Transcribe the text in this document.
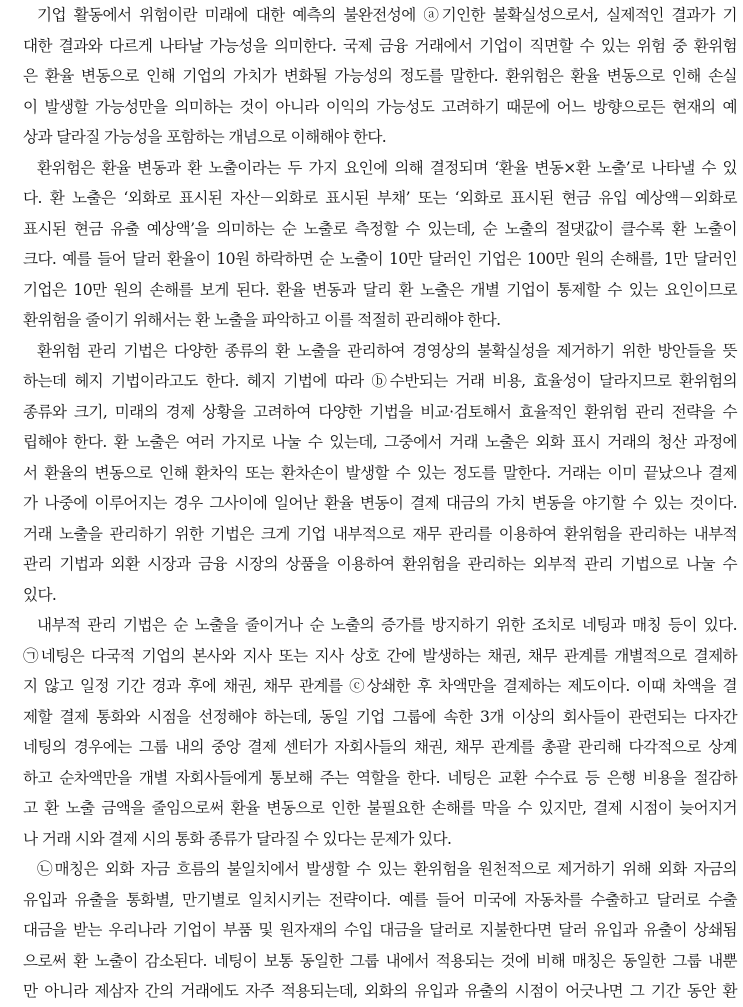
기업 활동에서 위험이란 미래에 대한 예측의 불완전성에 ⓐ기인한 불확실성으로서, 실제적인 결과가 기
대한 결과와 다르게 나타날 가능성을 의미한다. 국제 금융 거래에서 기업이 직면할 수 있는 위험 중 환위험
은 환율 변동으로 인해 기업의 가치가 변화될 가능성의 정도를 말한다. 환위험은 환율 변동으로 인해 손실
이 발생할 가능성만을 의미하는 것이 아니라 이익의 가능성도 고려하기 때문에 어느 방향으로든 현재의 예
상과 달라질 가능성을 포함하는 개념으로 이해해야 한다.
환위험은 환율 변동과 환 노출이라는 두 가지 요인에 의해 결정되며 ‘환율 변동×환 노출’로 나타낼 수 있
다. 환 노출은 ‘외화로 표시된 자산－외화로 표시된 부채’ 또는 ‘외화로 표시된 현금 유입 예상액－외화로
표시된 현금 유출 예상액’을 의미하는 순 노출로 측정할 수 있는데, 순 노출의 절댓값이 클수록 환 노출이
크다. 예를 들어 달러 환율이 10원 하락하면 순 노출이 10만 달러인 기업은 100만 원의 손해를, 1만 달러인
기업은 10만 원의 손해를 보게 된다. 환율 변동과 달리 환 노출은 개별 기업이 통제할 수 있는 요인이므로
환위험을 줄이기 위해서는 환 노출을 파악하고 이를 적절히 관리해야 한다.
환위험 관리 기법은 다양한 종류의 환 노출을 관리하여 경영상의 불확실성을 제거하기 위한 방안들을 뜻
하는데 헤지 기법이라고도 한다. 헤지 기법에 따라 ⓑ수반되는 거래 비용, 효율성이 달라지므로 환위험의
종류와 크기, 미래의 경제 상황을 고려하여 다양한 기법을 비교·검토해서 효율적인 환위험 관리 전략을 수
립해야 한다. 환 노출은 여러 가지로 나눌 수 있는데, 그중에서 거래 노출은 외화 표시 거래의 청산 과정에
서 환율의 변동으로 인해 환차익 또는 환차손이 발생할 수 있는 정도를 말한다. 거래는 이미 끝났으나 결제
가 나중에 이루어지는 경우 그사이에 일어난 환율 변동이 결제 대금의 가치 변동을 야기할 수 있는 것이다.
거래 노출을 관리하기 위한 기법은 크게 기업 내부적으로 재무 관리를 이용하여 환위험을 관리하는 내부적
관리 기법과 외환 시장과 금융 시장의 상품을 이용하여 환위험을 관리하는 외부적 관리 기법으로 나눌 수
있다.
내부적 관리 기법은 순 노출을 줄이거나 순 노출의 증가를 방지하기 위한 조치로 네팅과 매칭 등이 있다.
㉠네팅은 다국적 기업의 본사와 지사 또는 지사 상호 간에 발생하는 채권, 채무 관계를 개별적으로 결제하
지 않고 일정 기간 경과 후에 채권, 채무 관계를 ⓒ상쇄한 후 차액만을 결제하는 제도이다. 이때 차액을 결
제할 결제 통화와 시점을 선정해야 하는데, 동일 기업 그룹에 속한 3개 이상의 회사들이 관련되는 다자간
네팅의 경우에는 그룹 내의 중앙 결제 센터가 자회사들의 채권, 채무 관계를 총괄 관리해 다각적으로 상계
하고 순차액만을 개별 자회사들에게 통보해 주는 역할을 한다. 네팅은 교환 수수료 등 은행 비용을 절감하
고 환 노출 금액을 줄임으로써 환율 변동으로 인한 불필요한 손해를 막을 수 있지만, 결제 시점이 늦어지거
나 거래 시와 결제 시의 통화 종류가 달라질 수 있다는 문제가 있다.
㉡매칭은 외화 자금 흐름의 불일치에서 발생할 수 있는 환위험을 원천적으로 제거하기 위해 외화 자금의
유입과 유출을 통화별, 만기별로 일치시키는 전략이다. 예를 들어 미국에 자동차를 수출하고 달러로 수출
대금을 받는 우리나라 기업이 부품 및 원자재의 수입 대금을 달러로 지불한다면 달러 유입과 유출이 상쇄됨
으로써 환 노출이 감소된다. 네팅이 보통 동일한 그룹 내에서 적용되는 것에 비해 매칭은 동일한 그룹 내뿐
만 아니라 제삼자 간의 거래에도 자주 적용되는데, 외화의 유입과 유출의 시점이 어긋나면 그 기간 동안 환
